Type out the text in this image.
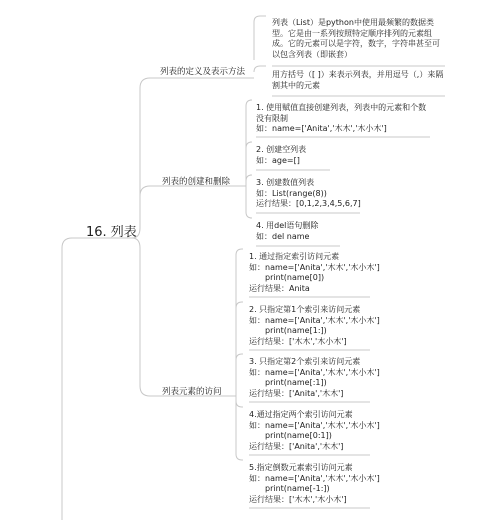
16. 列表
列表的定义及表示方法
列表（List）是python中使用最频繁的数据类
型。它是由一系列按照特定顺序排列的元素组
成。它的元素可以是字符，数字，字符串甚至可
以包含列表（即嵌套）
用方括号（[ ]）来表示列表，并用逗号（,）来隔
割其中的元素
列表的创建和删除
1. 使用赋值直接创建列表，列表中的元素和个数
没有限制
如：name=['Anita','木木','木小木']
2. 创建空列表
如：age=[]
3. 创建数值列表
如：List(range(8))
运行结果：[0,1,2,3,4,5,6,7]
4. 用del语句删除
如：del name
列表元素的访问
1. 通过指定索引访问元素
如：name=['Anita','木木','木小木']
print(name[0])
运行结果：Anita
2. 只指定第1个索引来访问元素
如：name=['Anita','木木','木小木']
print(name[1:])
运行结果：['木木','木小木']
3. 只指定第2个索引来访问元素
如：name=['Anita','木木','木小木']
print(name[:1])
运行结果：['Anita','木木']
4.通过指定两个索引访问元素
如：name=['Anita','木木','木小木']
print(name[0:1])
运行结果：['Anita','木木']
5.指定倒数元素索引访问元素
如：name=['Anita','木木','木小木']
print(name[-1:])
运行结果：['木木','木小木']
